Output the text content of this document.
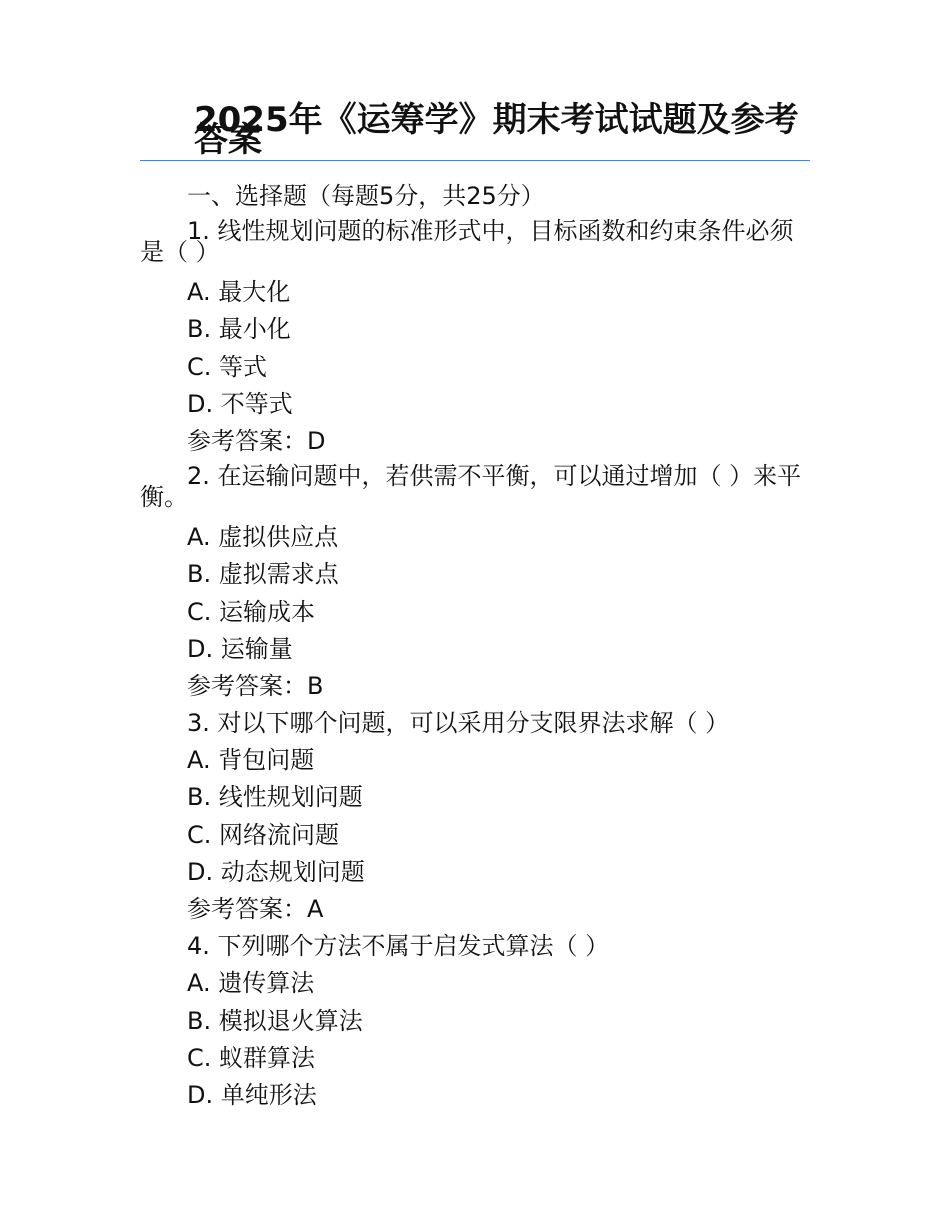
2025年《运筹学》期末考试试题及参考答案
一、选择题（每题5分，共25分）
1. 线性规划问题的标准形式中，目标函数和约束条件必须是（ ）
A. 最大化
B. 最小化
C. 等式
D. 不等式
参考答案：D
2. 在运输问题中，若供需不平衡，可以通过增加（ ）来平衡。
A. 虚拟供应点
B. 虚拟需求点
C. 运输成本
D. 运输量
参考答案：B
3. 对以下哪个问题，可以采用分支限界法求解（ ）
A. 背包问题
B. 线性规划问题
C. 网络流问题
D. 动态规划问题
参考答案：A
4. 下列哪个方法不属于启发式算法（ ）
A. 遗传算法
B. 模拟退火算法
C. 蚁群算法
D. 单纯形法
